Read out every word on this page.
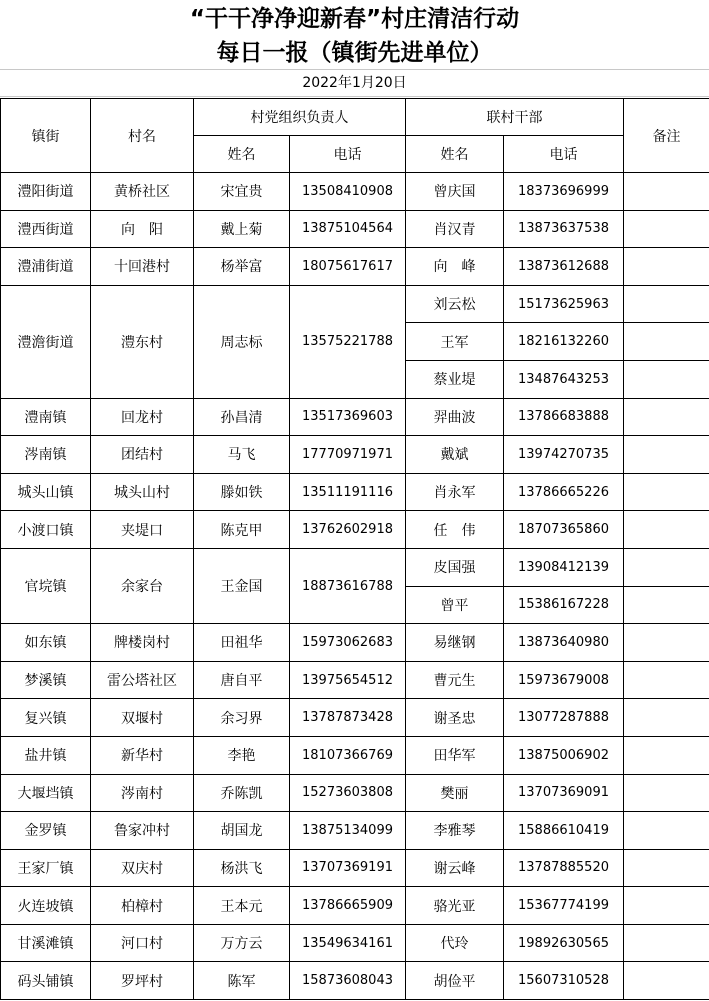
“干干净净迎新春”村庄清洁行动
每日一报（镇街先进单位）
2022年1月20日
镇街	村名	村党组织负责人		联村干部		备注
		姓名	电话	姓名	电话	
澧阳街道	黄桥社区	宋宜贵	13508410908	曾庆国	18373696999	
澧西街道	向　阳	戴上菊	13875104564	肖汉青	13873637538	
澧浦街道	十回港村	杨举富	18075617617	向　峰	13873612688	
澧澹街道	澧东村	周志标	13575221788	刘云松	15173625963	
				王军	18216132260	
				蔡业堤	13487643253	
澧南镇	回龙村	孙昌清	13517369603	羿曲波	13786683888	
涔南镇	团结村	马飞	17770971971	戴斌	13974270735	
城头山镇	城头山村	滕如铁	13511191116	肖永军	13786665226	
小渡口镇	夹堤口	陈克甲	13762602918	任　伟	18707365860	
官垸镇	余家台	王金国	18873616788	皮国强	13908412139	
				曾平	15386167228	
如东镇	牌楼岗村	田祖华	15973062683	易继钢	13873640980	
梦溪镇	雷公塔社区	唐自平	13975654512	曹元生	15973679008	
复兴镇	双堰村	余习界	13787873428	谢圣忠	13077287888	
盐井镇	新华村	李艳	18107366769	田华军	13875006902	
大堰垱镇	涔南村	乔陈凯	15273603808	樊丽	13707369091	
金罗镇	鲁家冲村	胡国龙	13875134099	李雅琴	15886610419	
王家厂镇	双庆村	杨洪飞	13707369191	谢云峰	13787885520	
火连坡镇	柏樟村	王本元	13786665909	骆光亚	15367774199	
甘溪滩镇	河口村	万方云	13549634161	代玲	19892630565	
码头铺镇	罗坪村	陈军	15873608043	胡俭平	15607310528	
